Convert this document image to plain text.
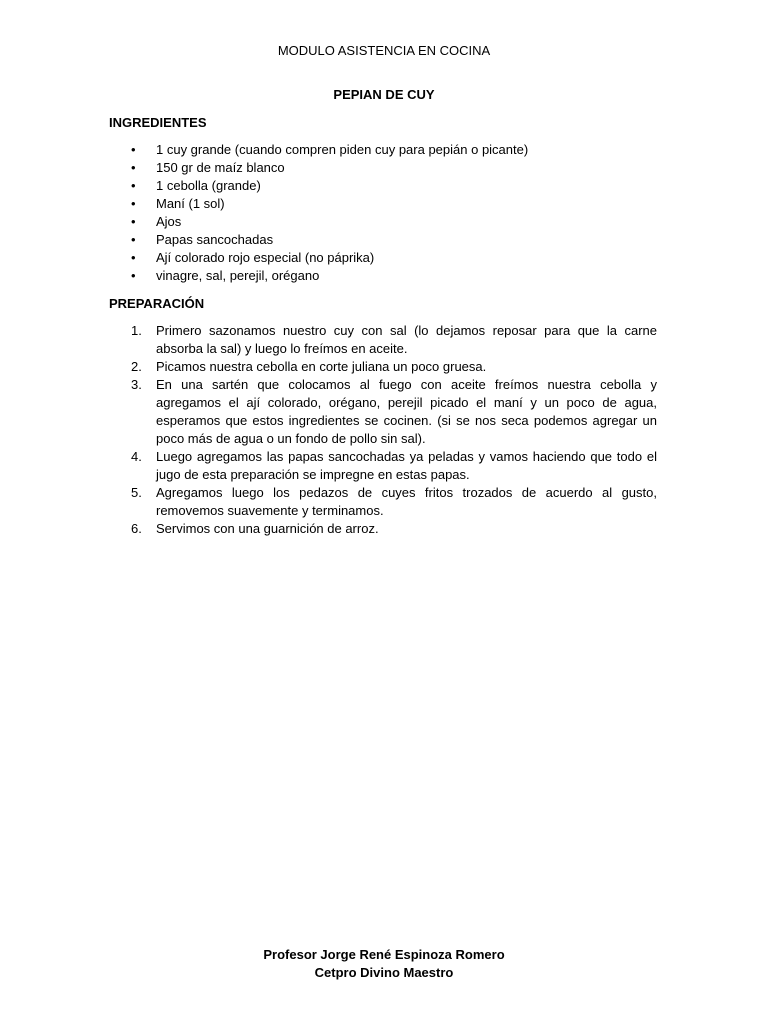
MODULO ASISTENCIA EN COCINA
PEPIAN DE CUY
INGREDIENTES
• 1 cuy grande (cuando compren piden cuy para pepián o picante)
• 150 gr de maíz blanco
• 1 cebolla (grande)
• Maní (1 sol)
• Ajos
• Papas sancochadas
• Ají colorado rojo especial (no páprika)
• vinagre, sal, perejil, orégano
PREPARACIÓN
1. Primero sazonamos nuestro cuy con sal (lo dejamos reposar para que la carne absorba la sal) y luego lo freímos en aceite.
2. Picamos nuestra cebolla en corte juliana un poco gruesa.
3. En una sartén que colocamos al fuego con aceite freímos nuestra cebolla y agregamos el ají colorado, orégano, perejil picado el maní y un poco de agua, esperamos que estos ingredientes se cocinen. (si se nos seca podemos agregar un poco más de agua o un fondo de pollo sin sal).
4. Luego agregamos las papas sancochadas ya peladas y vamos haciendo que todo el jugo de esta preparación se impregne en estas papas.
5. Agregamos luego los pedazos de cuyes fritos trozados de acuerdo al gusto, removemos suavemente y terminamos.
6. Servimos con una guarnición de arroz.
Profesor Jorge René Espinoza Romero
Cetpro Divino Maestro
